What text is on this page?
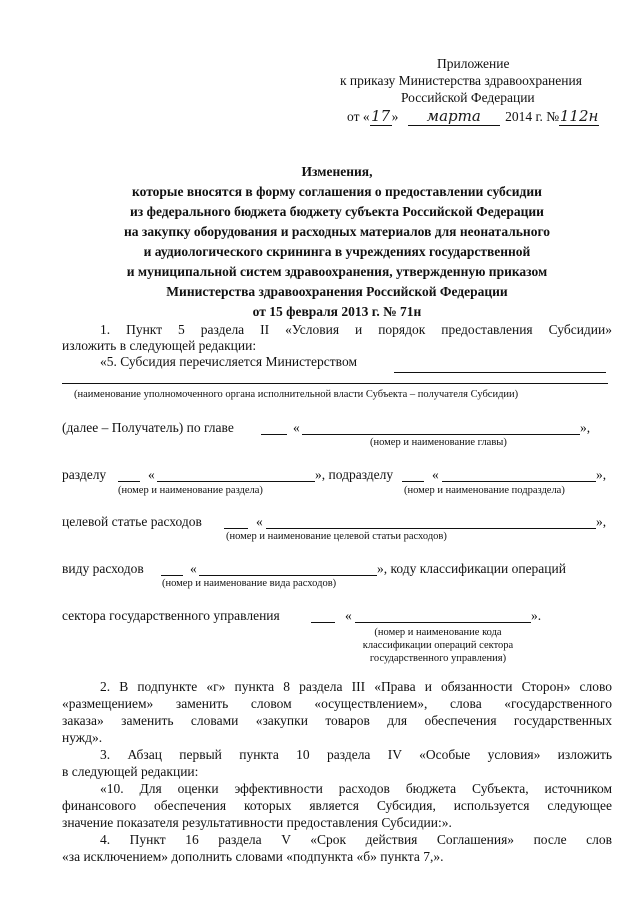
Приложение
к приказу Министерства здравоохранения
Российской Федерации
от «17» марта 2014 г. №112н
Изменения,
которые вносятся в форму соглашения о предоставлении субсидии
из федерального бюджета бюджету субъекта Российской Федерации
на закупку оборудования и расходных материалов для неонатального
и аудиологического скрининга в учреждениях государственной
и муниципальной систем здравоохранения, утвержденную приказом
Министерства здравоохранения Российской Федерации
от 15 февраля 2013 г. № 71н
1. Пункт 5 раздела II «Условия и порядок предоставления Субсидии»
изложить в следующей редакции:
«5. Субсидия перечисляется Министерством
(наименование уполномоченного органа исполнительной власти Субъекта – получателя Субсидии)
(далее – Получатель) по главе	«	»,
(номер и наименование главы)
разделу	«	», подразделу	«	»,
(номер и наименование раздела)	(номер и наименование подраздела)
целевой статье расходов	«	»,
(номер и наименование целевой статьи расходов)
виду расходов	«	», коду классификации операций
(номер и наименование вида расходов)
сектора государственного управления	«	».
(номер и наименование кода
классификации операций сектора
государственного управления)
2. В подпункте «г» пункта 8 раздела III «Права и обязанности Сторон» слово
«размещением» заменить словом «осуществлением», слова «государственного
заказа» заменить словами «закупки товаров для обеспечения государственных
нужд».
3. Абзац первый пункта 10 раздела IV «Особые условия» изложить
в следующей редакции:
«10. Для оценки эффективности расходов бюджета Субъекта, источником
финансового обеспечения которых является Субсидия, используется следующее
значение показателя результативности предоставления Субсидии:».
4. Пункт 16 раздела V «Срок действия Соглашения» после слов
«за исключением» дополнить словами «подпункта «б» пункта 7,».
